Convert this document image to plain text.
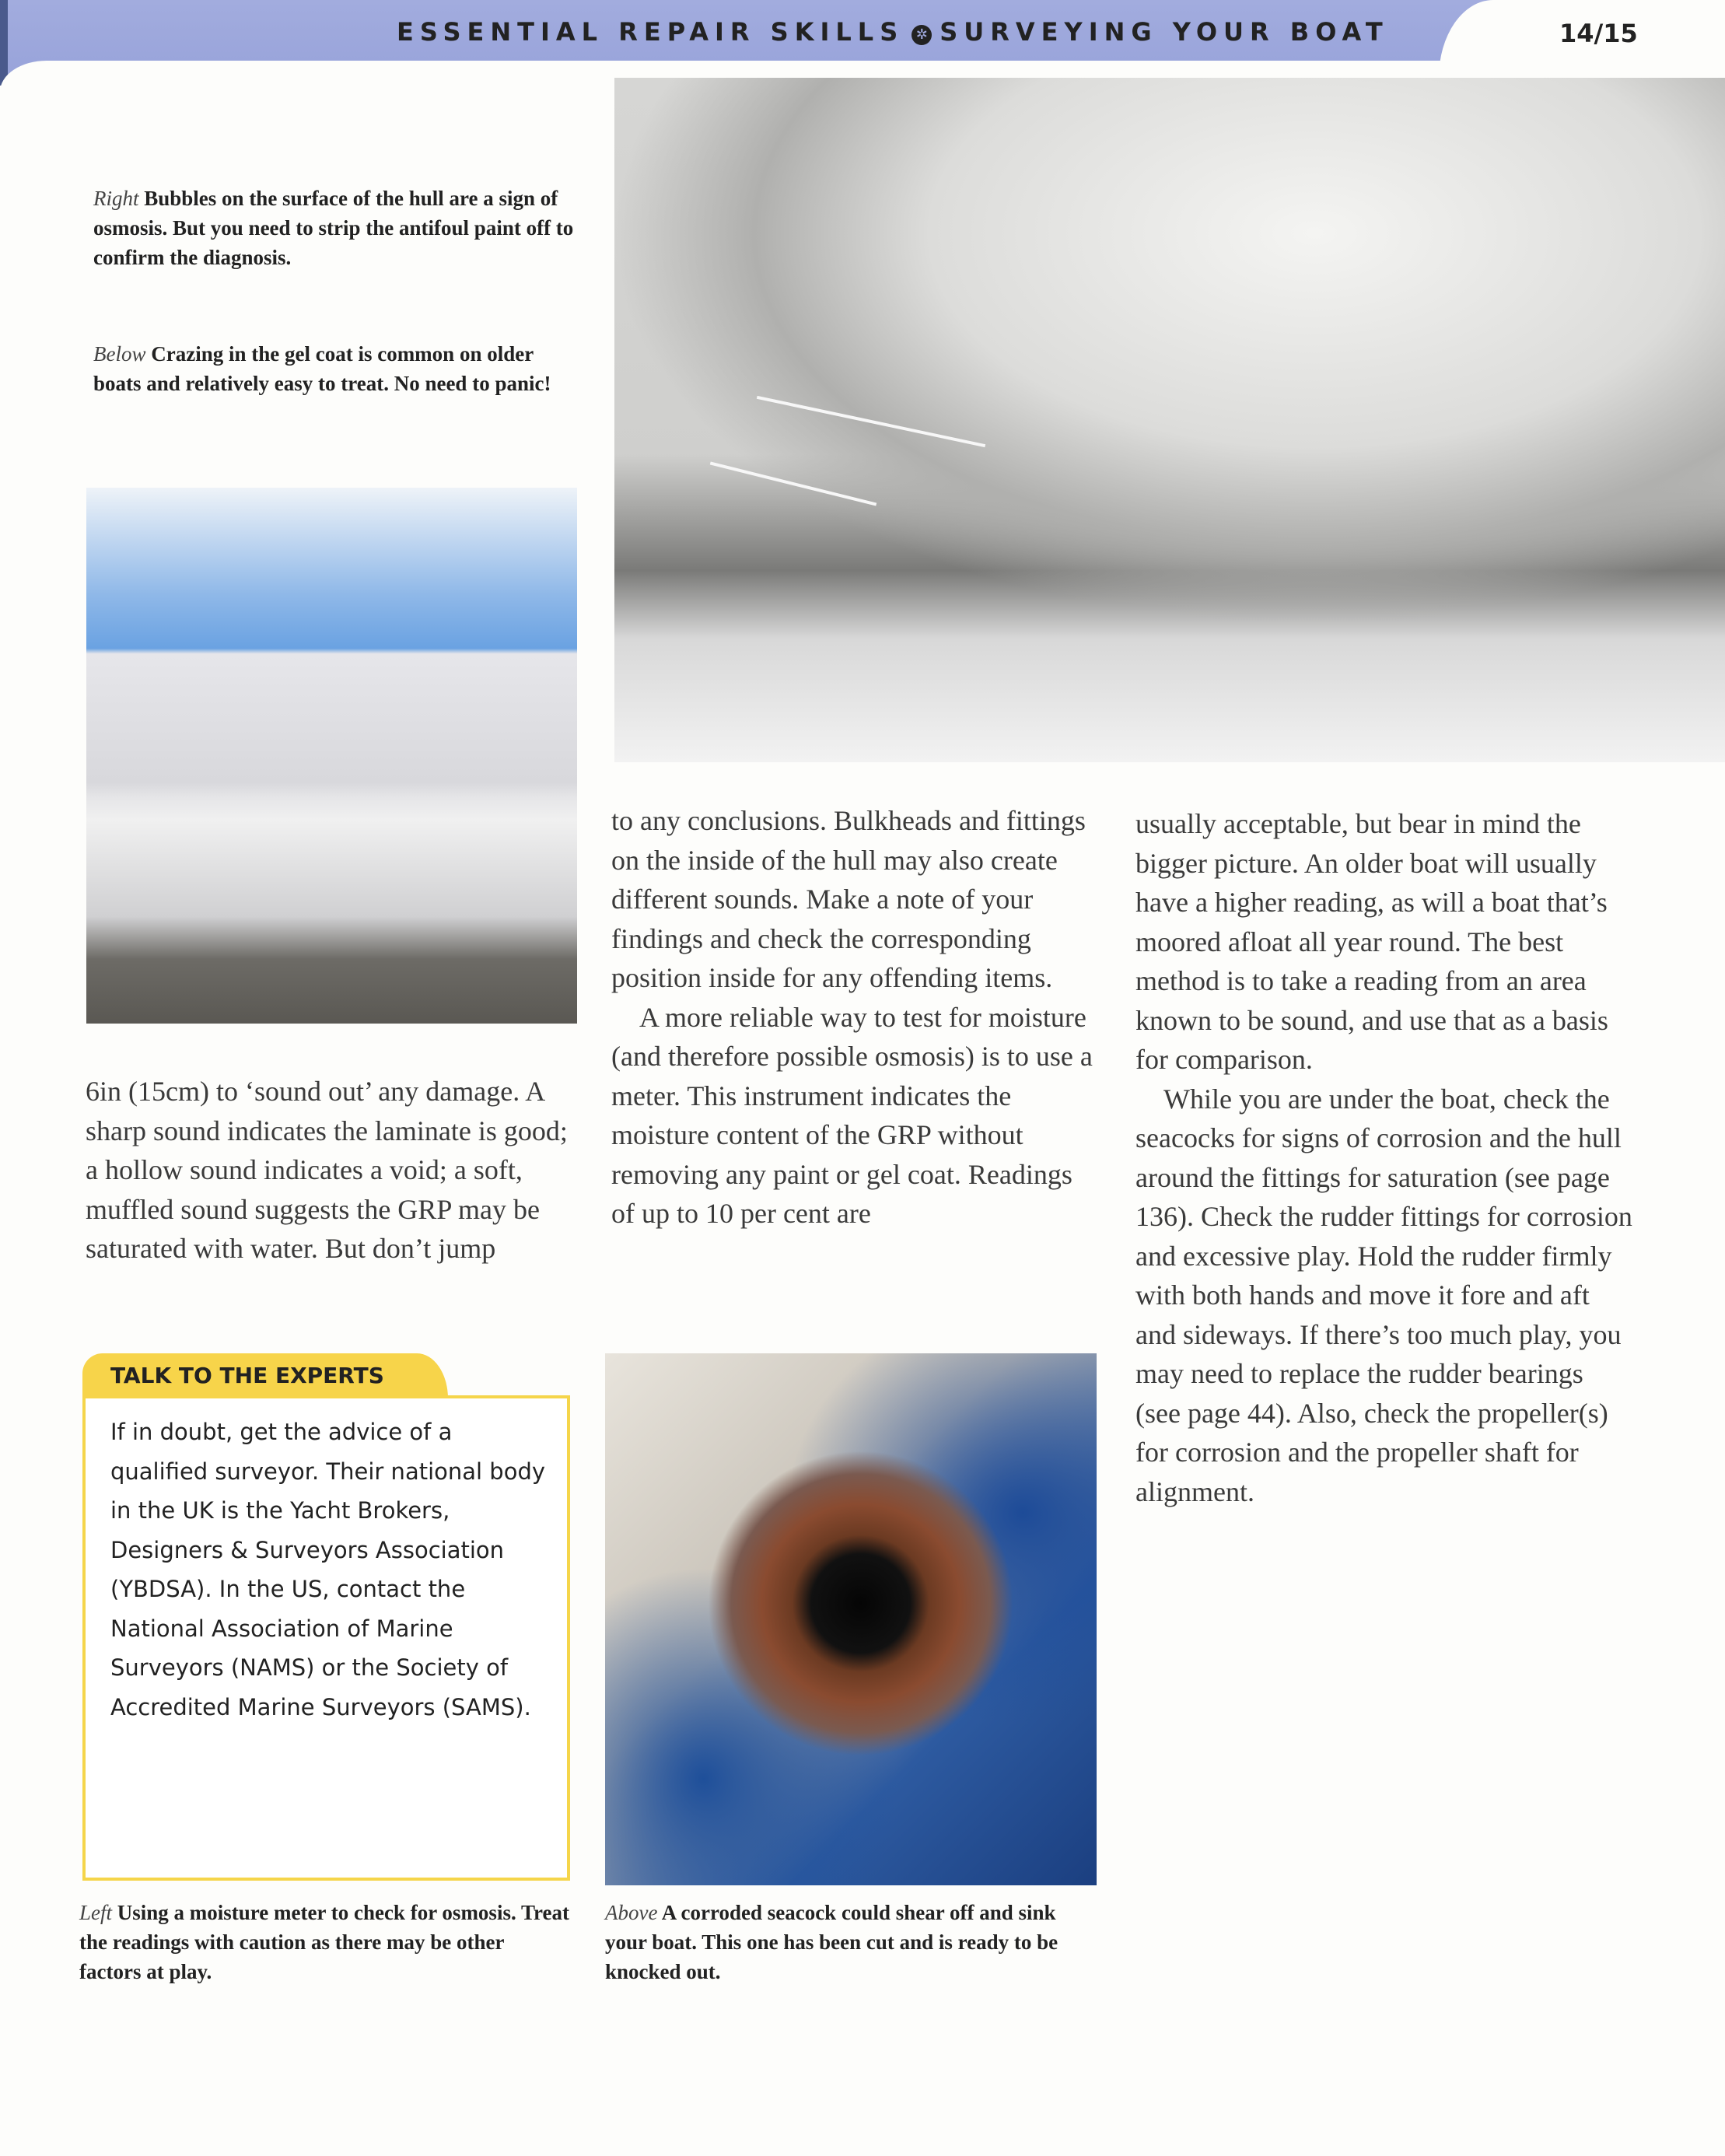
ESSENTIAL REPAIR SKILLS ✲ SURVEYING YOUR BOAT	14/15
Right Bubbles on the surface of the hull are a sign of osmosis. But you need to strip the antifoul paint off to confirm the diagnosis.
Below Crazing in the gel coat is common on older boats and relatively easy to treat. No need to panic!

6in (15cm) to ‘sound out’ any damage. A sharp sound indicates the laminate is good; a hollow sound indicates a void; a soft, muffled sound suggests the GRP may be saturated with water. But don’t jump

to any conclusions. Bulkheads and fittings on the inside of the hull may also create different sounds. Make a note of your findings and check the corresponding position inside for any offending items.

A more reliable way to test for moisture (and therefore possible osmosis) is to use a meter. This instrument indicates the moisture content of the GRP without removing any paint or gel coat. Readings of up to 10 per cent are

usually acceptable, but bear in mind the bigger picture. An older boat will usually have a higher reading, as will a boat that’s moored afloat all year round. The best method is to take a reading from an area known to be sound, and use that as a basis for comparison.

While you are under the boat, check the seacocks for signs of corrosion and the hull around the fittings for saturation (see page 136). Check the rudder fittings for corrosion and excessive play. Hold the rudder firmly with both hands and move it fore and aft and sideways. If there’s too much play, you may need to replace the rudder bearings (see page 44). Also, check the propeller(s) for corrosion and the propeller shaft for alignment.

TALK TO THE EXPERTS
If in doubt, get the advice of a qualified surveyor. Their national body in the UK is the Yacht Brokers, Designers & Surveyors Association (YBDSA). In the US, contact the National Association of Marine Surveyors (NAMS) or the Society of Accredited Marine Surveyors (SAMS).
Left Using a moisture meter to check for osmosis. Treat the readings with caution as there may be other factors at play.
Above A corroded seacock could shear off and sink your boat. This one has been cut and is ready to be knocked out.
